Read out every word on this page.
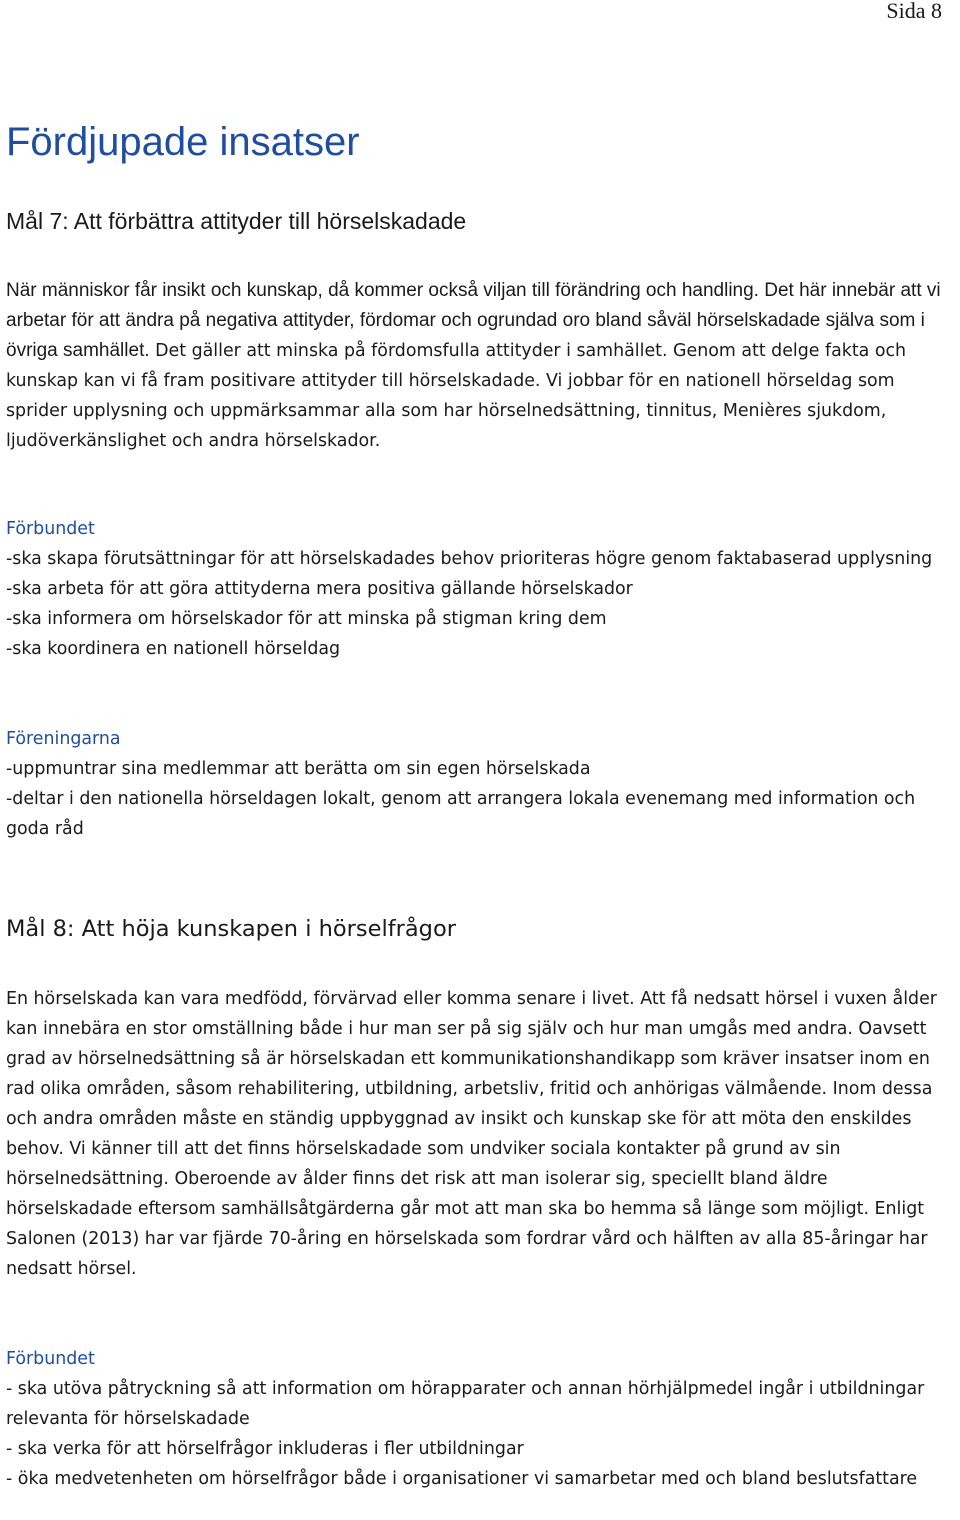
Sida 8
Fördjupade insatser
Mål 7: Att förbättra attityder till hörselskadade

När människor får insikt och kunskap, då kommer också viljan till förändring och handling. Det här innebär att vi arbetar för att ändra på negativa attityder, fördomar och ogrundad oro bland såväl hörselskadade själva som i övriga samhället. Det gäller att minska på fördomsfulla attityder i samhället. Genom att delge fakta och kunskap kan vi få fram positivare attityder till hörselskadade. Vi jobbar för en nationell hörseldag som sprider upplysning och uppmärksammar alla som har hörselnedsättning, tinnitus, Menières sjukdom, ljudöverkänslighet och andra hörselskador.

Förbundet

-ska skapa förutsättningar för att hörselskadades behov prioriteras högre genom faktabaserad upplysning

-ska arbeta för att göra attityderna mera positiva gällande hörselskador

-ska informera om hörselskador för att minska på stigman kring dem

-ska koordinera en nationell hörseldag

Föreningarna

-uppmuntrar sina medlemmar att berätta om sin egen hörselskada

-deltar i den nationella hörseldagen lokalt, genom att arrangera lokala evenemang med information och goda råd

Mål 8: Att höja kunskapen i hörselfrågor

En hörselskada kan vara medfödd, förvärvad eller komma senare i livet. Att få nedsatt hörsel i vuxen ålder kan innebära en stor omställning både i hur man ser på sig själv och hur man umgås med andra. Oavsett grad av hörselnedsättning så är hörselskadan ett kommunikationshandikapp som kräver insatser inom en rad olika områden, såsom rehabilitering, utbildning, arbetsliv, fritid och anhörigas välmående. Inom dessa och andra områden måste en ständig uppbyggnad av insikt och kunskap ske för att möta den enskildes behov. Vi känner till att det finns hörselskadade som undviker sociala kontakter på grund av sin hörselnedsättning. Oberoende av ålder finns det risk att man isolerar sig, speciellt bland äldre hörselskadade eftersom samhällsåtgärderna går mot att man ska bo hemma så länge som möjligt. Enligt Salonen (2013) har var fjärde 70-åring en hörselskada som fordrar vård och hälften av alla 85-åringar har nedsatt hörsel.

Förbundet

- ska utöva påtryckning så att information om hörapparater och annan hörhjälpmedel ingår i utbildningar relevanta för hörselskadade

- ska verka för att hörselfrågor inkluderas i fler utbildningar

- öka medvetenheten om hörselfrågor både i organisationer vi samarbetar med och bland beslutsfattare
